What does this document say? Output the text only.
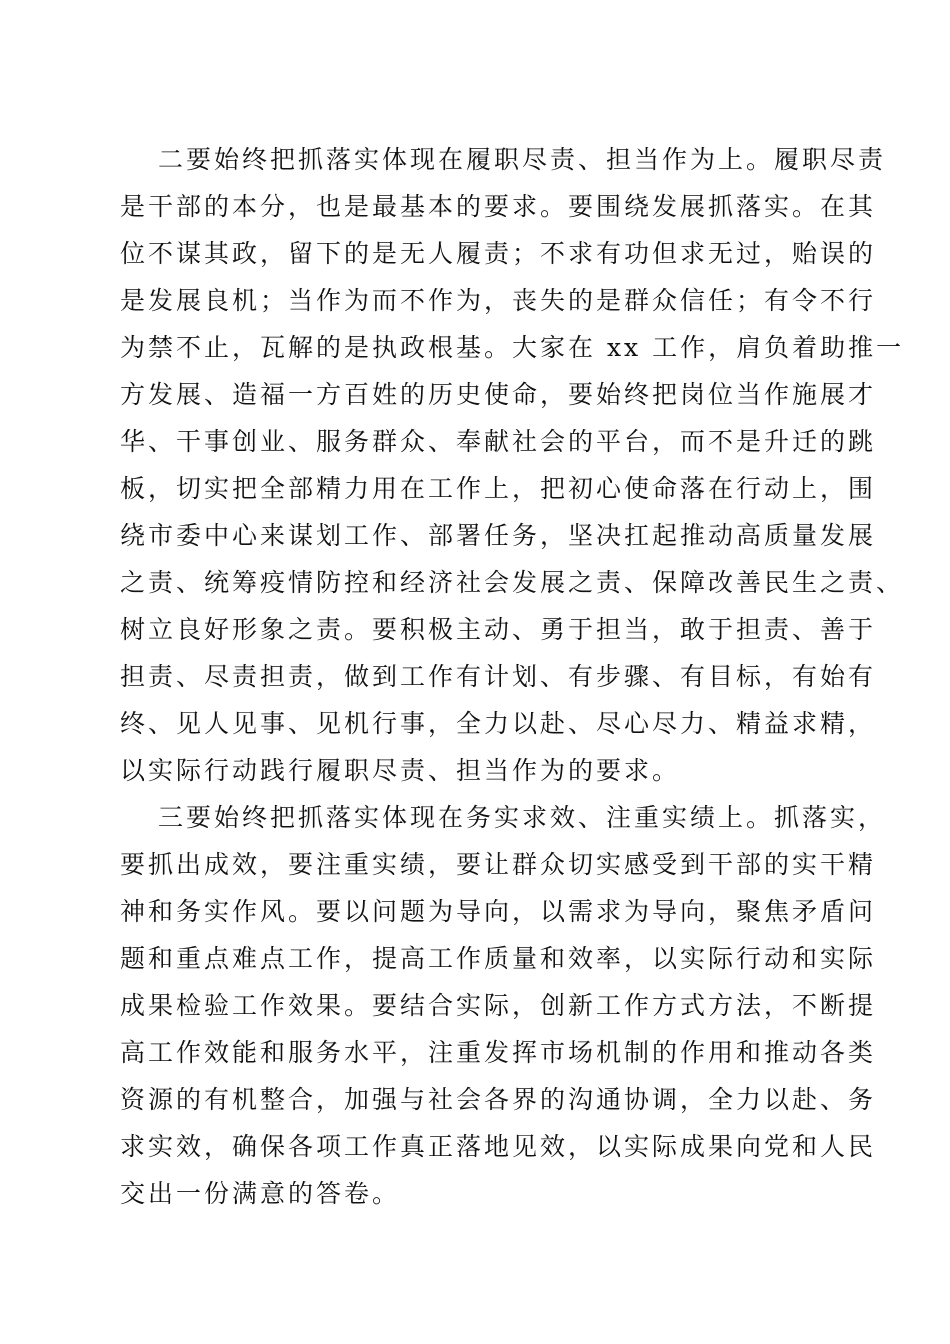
二要始终把抓落实体现在履职尽责、担当作为上。履职尽责
是干部的本分，也是最基本的要求。要围绕发展抓落实。在其
位不谋其政，留下的是无人履责；不求有功但求无过，贻误的
是发展良机；当作为而不作为，丧失的是群众信任；有令不行
为禁不止，瓦解的是执政根基。大家在 xx 工作，肩负着助推一
方发展、造福一方百姓的历史使命，要始终把岗位当作施展才
华、干事创业、服务群众、奉献社会的平台，而不是升迁的跳
板，切实把全部精力用在工作上，把初心使命落在行动上，围
绕市委中心来谋划工作、部署任务，坚决扛起推动高质量发展
之责、统筹疫情防控和经济社会发展之责、保障改善民生之责、
树立良好形象之责。要积极主动、勇于担当，敢于担责、善于
担责、尽责担责，做到工作有计划、有步骤、有目标，有始有
终、见人见事、见机行事，全力以赴、尽心尽力、精益求精，
以实际行动践行履职尽责、担当作为的要求。
三要始终把抓落实体现在务实求效、注重实绩上。抓落实，
要抓出成效，要注重实绩，要让群众切实感受到干部的实干精
神和务实作风。要以问题为导向，以需求为导向，聚焦矛盾问
题和重点难点工作，提高工作质量和效率，以实际行动和实际
成果检验工作效果。要结合实际，创新工作方式方法，不断提
高工作效能和服务水平，注重发挥市场机制的作用和推动各类
资源的有机整合，加强与社会各界的沟通协调，全力以赴、务
求实效，确保各项工作真正落地见效，以实际成果向党和人民
交出一份满意的答卷。
